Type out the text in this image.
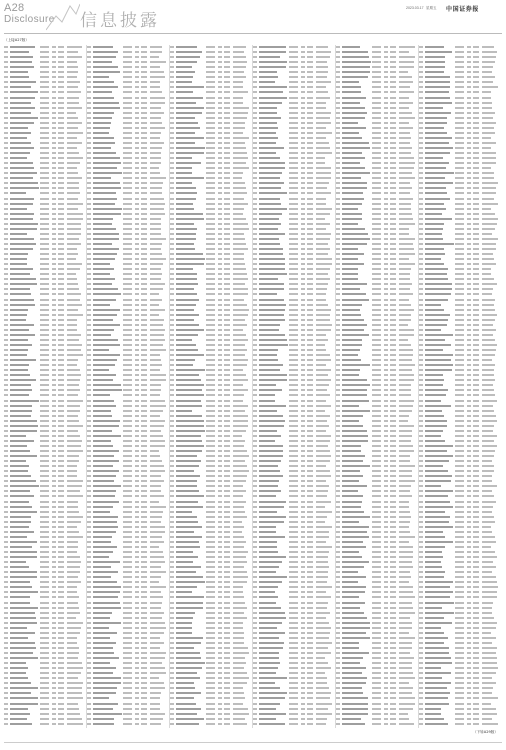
A28
Disclosure 信息披露
2023.03.17 星期五 中国证券报
（上接A27版）
（下转A29版）
